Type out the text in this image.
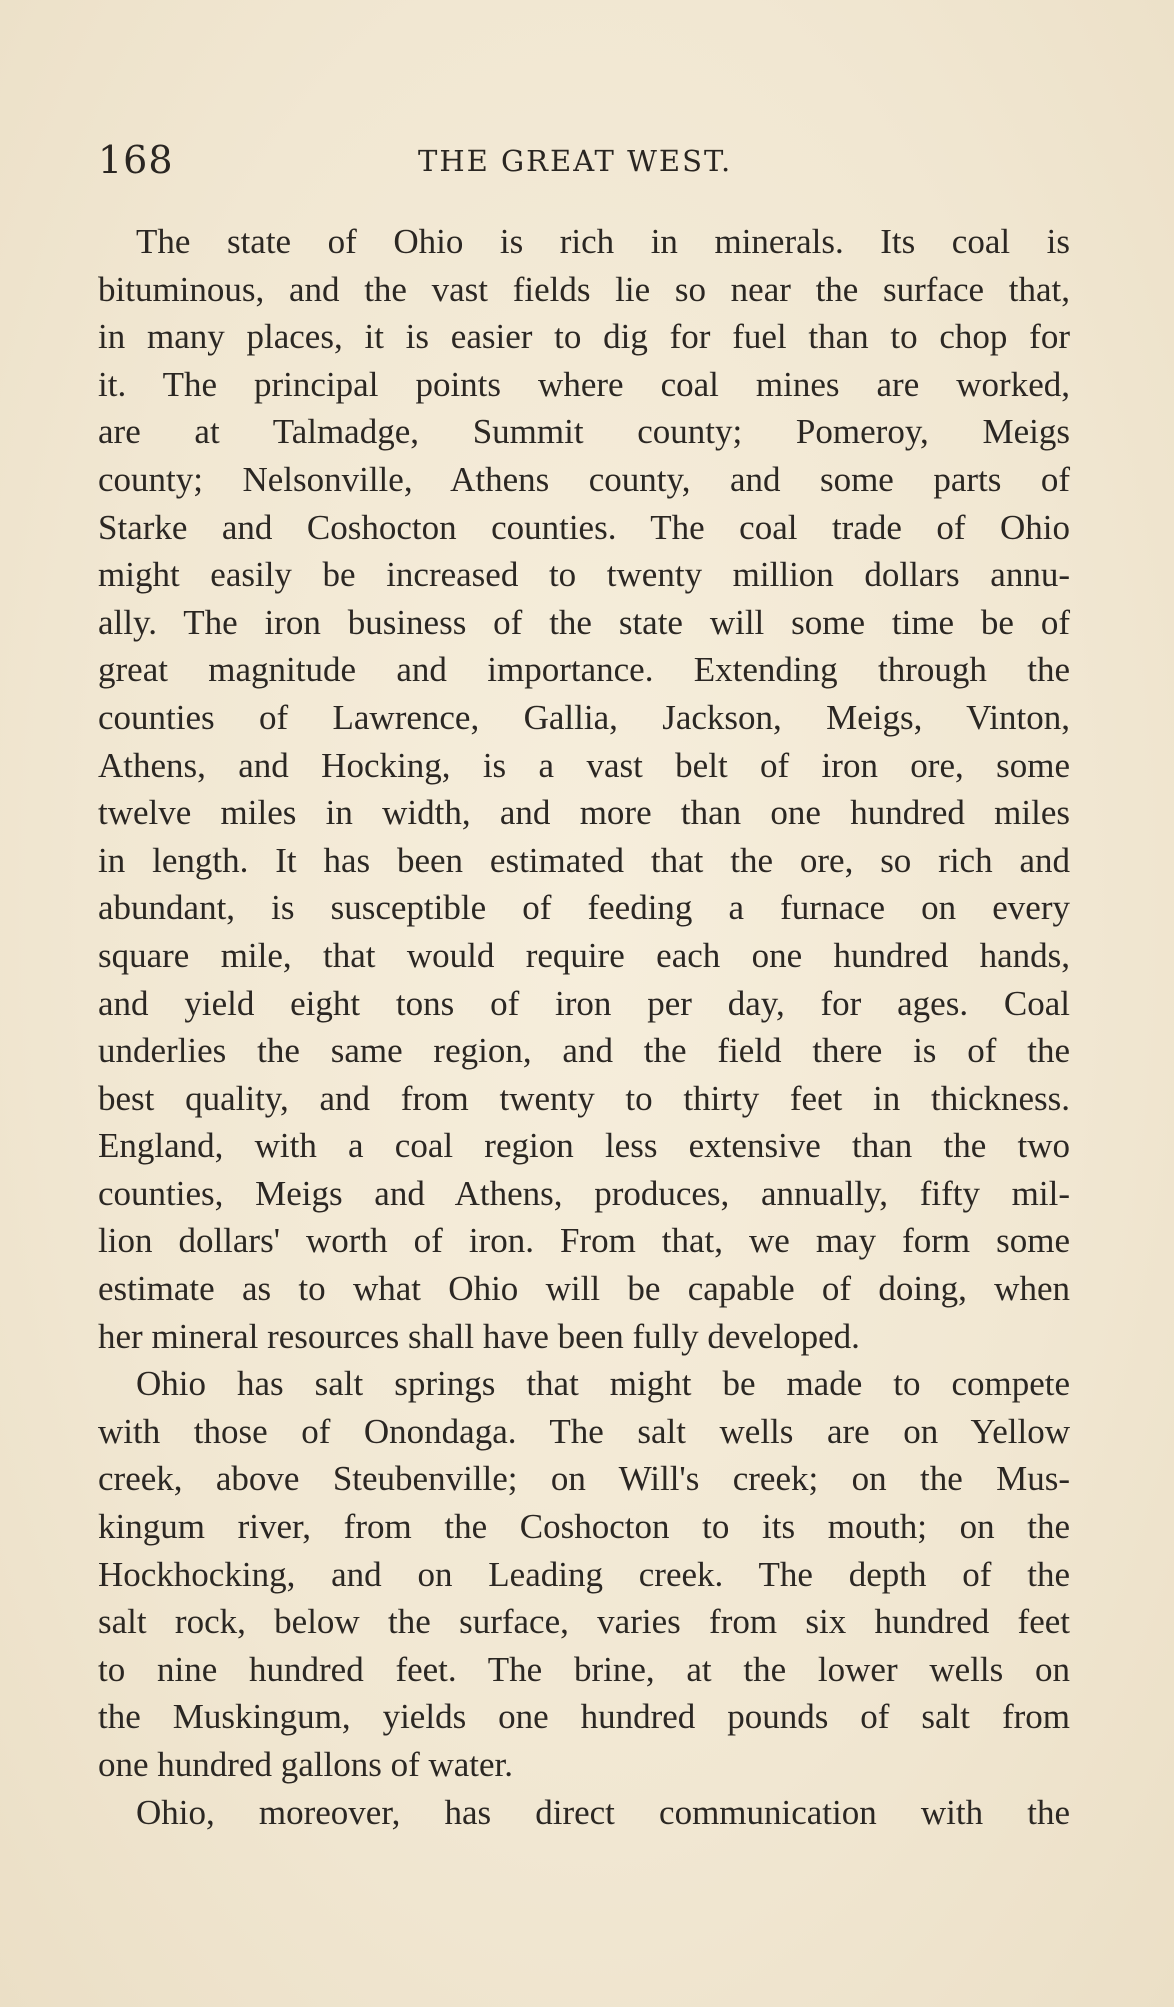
168	THE GREAT WEST.

The state of Ohio is rich in minerals. Its coal is
bituminous, and the vast fields lie so near the surface that,
in many places, it is easier to dig for fuel than to chop for
it. The principal points where coal mines are worked,
are at Talmadge, Summit county; Pomeroy, Meigs
county; Nelsonville, Athens county, and some parts of
Starke and Coshocton counties. The coal trade of Ohio
might easily be increased to twenty million dollars annu-
ally. The iron business of the state will some time be of
great magnitude and importance. Extending through the
counties of Lawrence, Gallia, Jackson, Meigs, Vinton,
Athens, and Hocking, is a vast belt of iron ore, some
twelve miles in width, and more than one hundred miles
in length. It has been estimated that the ore, so rich and
abundant, is susceptible of feeding a furnace on every
square mile, that would require each one hundred hands,
and yield eight tons of iron per day, for ages. Coal
underlies the same region, and the field there is of the
best quality, and from twenty to thirty feet in thickness.
England, with a coal region less extensive than the two
counties, Meigs and Athens, produces, annually, fifty mil-
lion dollars' worth of iron. From that, we may form some
estimate as to what Ohio will be capable of doing, when
her mineral resources shall have been fully developed.

Ohio has salt springs that might be made to compete
with those of Onondaga. The salt wells are on Yellow
creek, above Steubenville; on Will's creek; on the Mus-
kingum river, from the Coshocton to its mouth; on the
Hockhocking, and on Leading creek. The depth of the
salt rock, below the surface, varies from six hundred feet
to nine hundred feet. The brine, at the lower wells on
the Muskingum, yields one hundred pounds of salt from
one hundred gallons of water.

Ohio, moreover, has direct communication with the
